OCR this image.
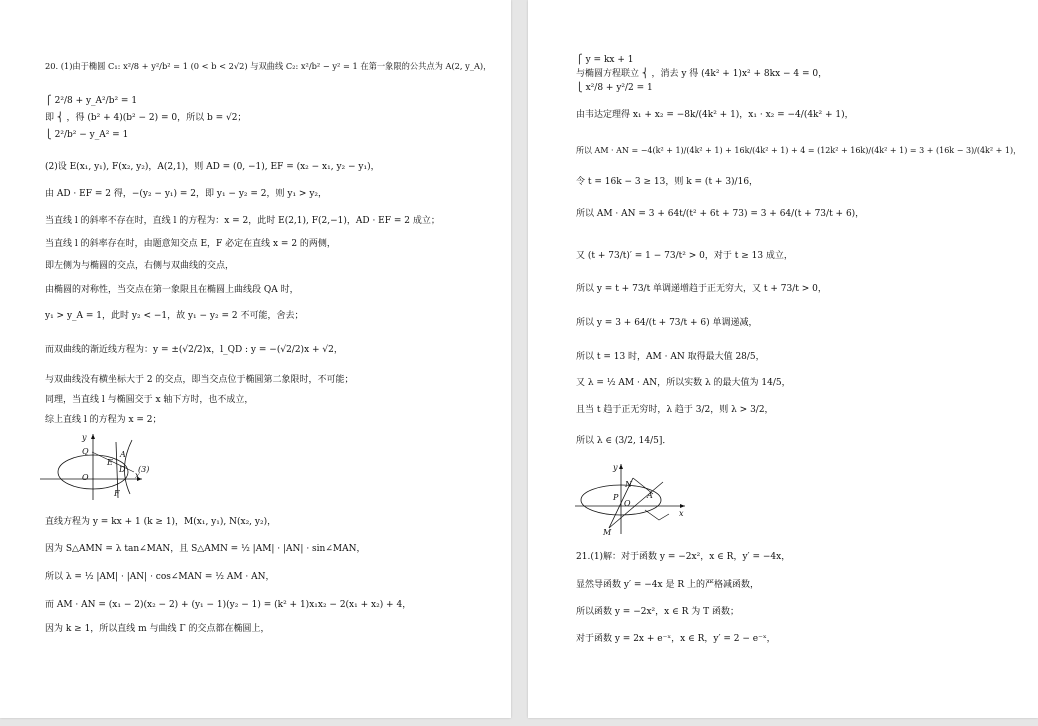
20. (1)由于椭圆 C₁: x²/8 + y²/b² = 1 (0 < b < 2√2) 与双曲线 C₂: x²/b² − y² = 1 在第一象限的公共点为 A(2, y_A)，
⎧ 2²/8 + y_A²/b² = 1
即 ⎨ ，得 (b² + 4)(b² − 2) = 0，所以 b = √2；
⎩ 2²/b² − y_A² = 1
(2)设 E(x₁, y₁), F(x₂, y₂)，A(2,1)，则 AD = (0, −1), EF = (x₂ − x₁, y₂ − y₁)，
由 AD · EF = 2 得，−(y₂ − y₁) = 2，即 y₁ − y₂ = 2，则 y₁ > y₂，
当直线 l 的斜率不存在时，直线 l 的方程为：x = 2，此时 E(2,1), F(2,−1)，AD · EF = 2 成立；
当直线 l 的斜率存在时，由题意知交点 E，F 必定在直线 x = 2 的两侧，
即左侧为与椭圆的交点，右侧与双曲线的交点，
由椭圆的对称性，当交点在第一象限且在椭圆上曲线段 QA 时，
y₁ > y_A = 1，此时 y₂ < −1，故 y₁ − y₂ = 2 不可能，舍去；
而双曲线的渐近线方程为：y = ±(√2/2)x，l_QD : y = −(√2/2)x + √2，
与双曲线没有横坐标大于 2 的交点，即当交点位于椭圆第二象限时，不可能；
同理，当直线 l 与椭圆交于 x 轴下方时，也不成立，
综上直线 l 的方程为 x = 2；
y
Q	A
E
D
O	x
F
(3)
直线方程为 y = kx + 1 (k ≥ 1)，M(x₁, y₁), N(x₂, y₂)，
因为 S△AMN = λ tan∠MAN，且 S△AMN = ½ |AM| · |AN| · sin∠MAN，
所以 λ = ½ |AM| · |AN| · cos∠MAN = ½ AM · AN，
而 AM · AN = (x₁ − 2)(x₂ − 2) + (y₁ − 1)(y₂ − 1) = (k² + 1)x₁x₂ − 2(x₁ + x₂) + 4，
因为 k ≥ 1，所以直线 m 与曲线 Γ 的交点都在椭圆上，
⎧ y = kx + 1
与椭圆方程联立 ⎨ ，消去 y 得 (4k² + 1)x² + 8kx − 4 = 0，
⎩ x²/8 + y²/2 = 1
由韦达定理得 x₁ + x₂ = −8k/(4k² + 1)，x₁ · x₂ = −4/(4k² + 1)，
所以 AM · AN = −4(k² + 1)/(4k² + 1) + 16k/(4k² + 1) + 4 = (12k² + 16k)/(4k² + 1) = 3 + (16k − 3)/(4k² + 1)，
令 t = 16k − 3 ≥ 13，则 k = (t + 3)/16，
所以 AM · AN = 3 + 64t/(t² + 6t + 73) = 3 + 64/(t + 73/t + 6)，
又 (t + 73/t)′ = 1 − 73/t² > 0，对于 t ≥ 13 成立，
所以 y = t + 73/t 单调递增趋于正无穷大，又 t + 73/t > 0，
所以 y = 3 + 64/(t + 73/t + 6) 单调递减，
所以 t = 13 时，AM · AN 取得最大值 28/5，
又 λ = ½ AM · AN，所以实数 λ 的最大值为 14/5，
且当 t 趋于正无穷时，λ 趋于 3/2，则 λ > 3/2，
所以 λ ∈ (3/2, 14/5]．
y
N
P	A
O
x
M
21.(1)解：对于函数 y = −2x²，x ∈ R，y′ = −4x，
显然导函数 y′ = −4x 是 R 上的严格减函数，
所以函数 y = −2x²，x ∈ R 为 T 函数；
对于函数 y = 2x + e⁻ˣ，x ∈ R，y′ = 2 − e⁻ˣ，
